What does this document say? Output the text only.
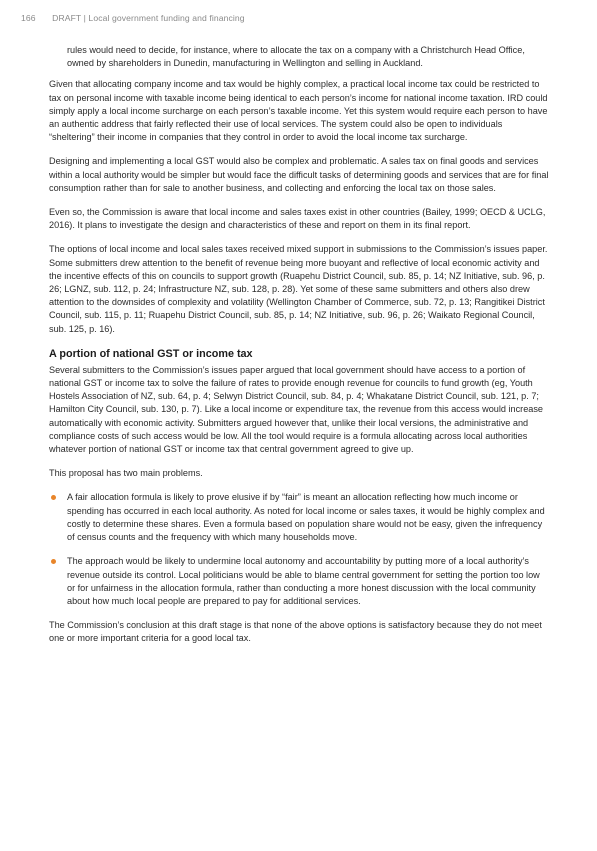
166 DRAFT | Local government funding and financing

rules would need to decide, for instance, where to allocate the tax on a company with a Christchurch Head Office, owned by shareholders in Dunedin, manufacturing in Wellington and selling in Auckland.

Given that allocating company income and tax would be highly complex, a practical local income tax could be restricted to tax on personal income with taxable income being identical to each person’s income for national income taxation. IRD could simply apply a local income surcharge on each person’s taxable income. Yet this system would require each person to have an authentic address that fairly reflected their use of local services. The system could also be open to individuals “sheltering” their income in companies that they control in order to avoid the local income tax surcharge.

Designing and implementing a local GST would also be complex and problematic. A sales tax on final goods and services within a local authority would be simpler but would face the difficult tasks of determining goods and services that are for final consumption rather than for sale to another business, and collecting and enforcing the local tax on those sales.

Even so, the Commission is aware that local income and sales taxes exist in other countries (Bailey, 1999; OECD & UCLG, 2016). It plans to investigate the design and characteristics of these and report on them in its final report.

The options of local income and local sales taxes received mixed support in submissions to the Commission’s issues paper. Some submitters drew attention to the benefit of revenue being more buoyant and reflective of local economic activity and the incentive effects of this on councils to support growth (Ruapehu District Council, sub. 85, p. 14; NZ Initiative, sub. 96, p. 26; LGNZ, sub. 112, p. 24; Infrastructure NZ, sub. 128, p. 28). Yet some of these same submitters and others also drew attention to the downsides of complexity and volatility (Wellington Chamber of Commerce, sub. 72, p. 13; Rangitikei District Council, sub. 115, p. 11; Ruapehu District Council, sub. 85, p. 14; NZ Initiative, sub. 96, p. 26; Waikato Regional Council, sub. 125, p. 16).

A portion of national GST or income tax

Several submitters to the Commission’s issues paper argued that local government should have access to a portion of national GST or income tax to solve the failure of rates to provide enough revenue for councils to fund growth (eg, Youth Hostels Association of NZ, sub. 64, p. 4; Selwyn District Council, sub. 84, p. 4; Whakatane District Council, sub. 121, p. 7; Hamilton City Council, sub. 130, p. 7). Like a local income or expenditure tax, the revenue from this access would increase automatically with economic activity. Submitters argued however that, unlike their local versions, the administrative and compliance costs of such access would be low. All the tool would require is a formula allocating across local authorities whatever portion of national GST or income tax that central government agreed to give up.

This proposal has two main problems.

A fair allocation formula is likely to prove elusive if by “fair” is meant an allocation reflecting how much income or spending has occurred in each local authority. As noted for local income or sales taxes, it would be highly complex and costly to determine these shares. Even a formula based on population share would not be easy, given the infrequency of census counts and the frequency with which many households move.
The approach would be likely to undermine local autonomy and accountability by putting more of a local authority’s revenue outside its control. Local politicians would be able to blame central government for setting the portion too low or for unfairness in the allocation formula, rather than conducting a more honest discussion with the local community about how much local people are prepared to pay for additional services.

The Commission’s conclusion at this draft stage is that none of the above options is satisfactory because they do not meet one or more important criteria for a good local tax.
